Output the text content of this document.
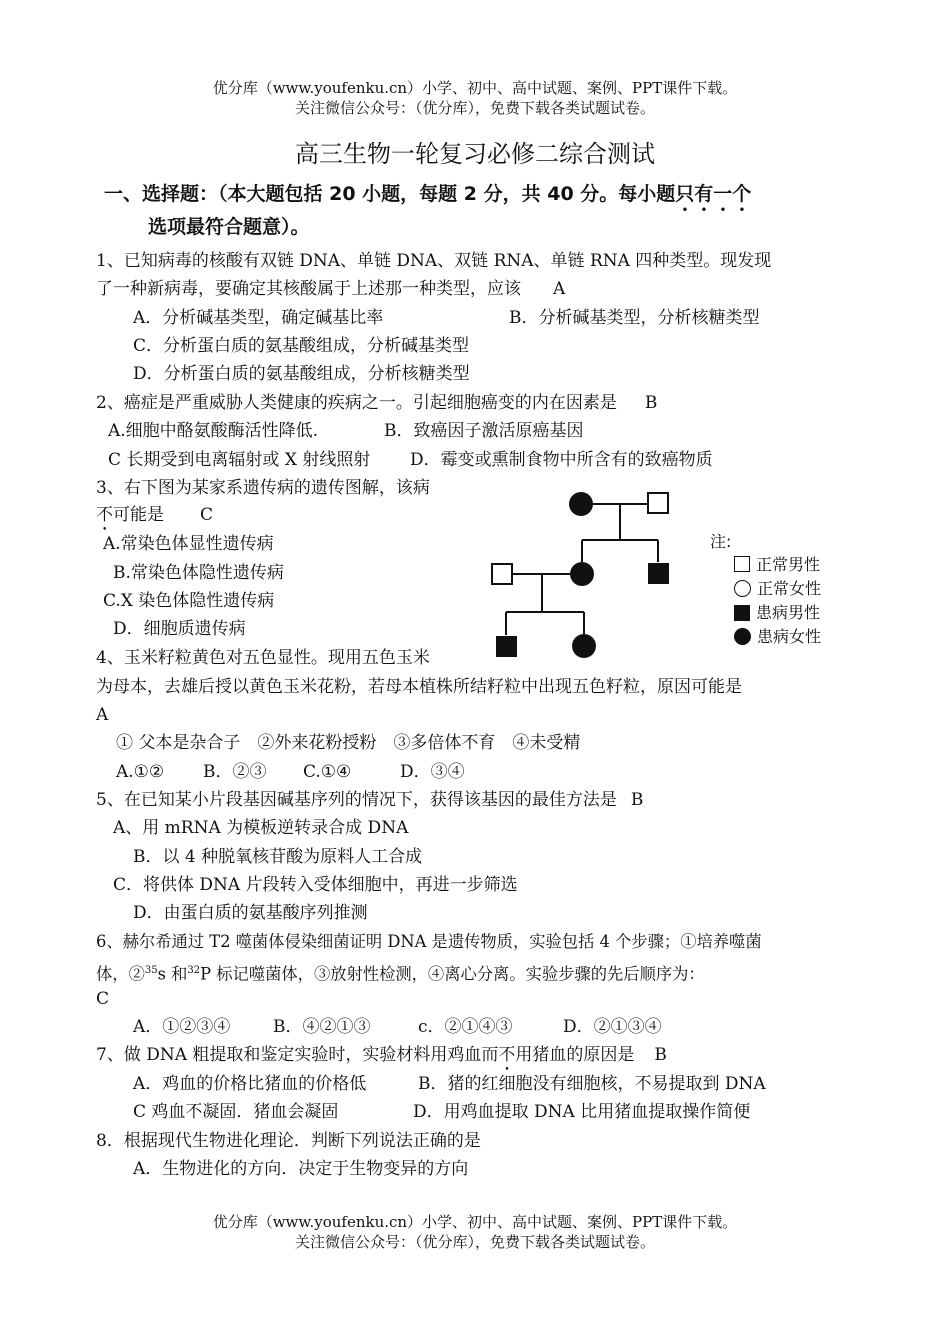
优分库（www.youfenku.cn）小学、初中、高中试题、案例、PPT课件下载。
关注微信公众号：（优分库），免费下载各类试题试卷。
高三生物一轮复习必修二综合测试
一、选择题：（本大题包括 20 小题，每题 2 分，共 40 分。每小题只有一个
选项最符合题意）。
1、已知病毒的核酸有双链 DNA、单链 DNA、双链 RNA、单链 RNA 四种类型。现发现
了一种新病毒，要确定其核酸属于上述那一种类型，应该 A
A．分析碱基类型，确定碱基比率	B．分析碱基类型，分析核糖类型
C．分析蛋白质的氨基酸组成，分析碱基类型
D．分析蛋白质的氨基酸组成，分析核糖类型
2、癌症是严重威胁人类健康的疾病之一。引起细胞癌变的内在因素是 B
A.细胞中酪氨酸酶活性降低.	B．致癌因子激活原癌基因
C 长期受到电离辐射或 X 射线照射 D．霉变或熏制食物中所含有的致癌物质
3、右下图为某家系遗传病的遗传图解，该病
不可能是 C
A.常染色体显性遗传病
B.常染色体隐性遗传病
C.X 染色体隐性遗传病
D．细胞质遗传病
注:
正常男性
正常女性
患病男性
患病女性
4、玉米籽粒黄色对五色显性。现用五色玉米
为母本，去雄后授以黄色玉米花粉，若母本植株所结籽粒中出现五色籽粒，原因可能是
A
① 父本是杂合子　②外来花粉授粉　③多倍体不育　④未受精
A.①② B．②③ C.①④	D．③④
5、在已知某小片段基因碱基序列的情况下，获得该基因的最佳方法是 B
A、用 mRNA 为模板逆转录合成 DNA
B．以 4 种脱氧核苷酸为原料人工合成
C．将供体 DNA 片段转入受体细胞中，再进一步筛选
D．由蛋白质的氨基酸序列推测
6、赫尔希通过 T2 噬菌体侵染细菌证明 DNA 是遗传物质，实验包括 4 个步骤；①培养噬菌
体，②$^{35}$s 和$^{32}$P 标记噬菌体，③放射性检测，④离心分离。实验步骤的先后顺序为：
C
A．①②③④	B．④②①③	c．②①④③	D．②①③④
7、做 DNA 粗提取和鉴定实验时，实验材料用鸡血而不用猪血的原因是 B
A．鸡血的价格比猪血的价格低	B．猪的红细胞没有细胞核，不易提取到 DNA
C 鸡血不凝固．猪血会凝固	D．用鸡血提取 DNA 比用猪血提取操作简便
8．根据现代生物进化理论．判断下列说法正确的是
A．生物进化的方向．决定于生物变异的方向
优分库（www.youfenku.cn）小学、初中、高中试题、案例、PPT课件下载。
关注微信公众号：（优分库），免费下载各类试题试卷。
